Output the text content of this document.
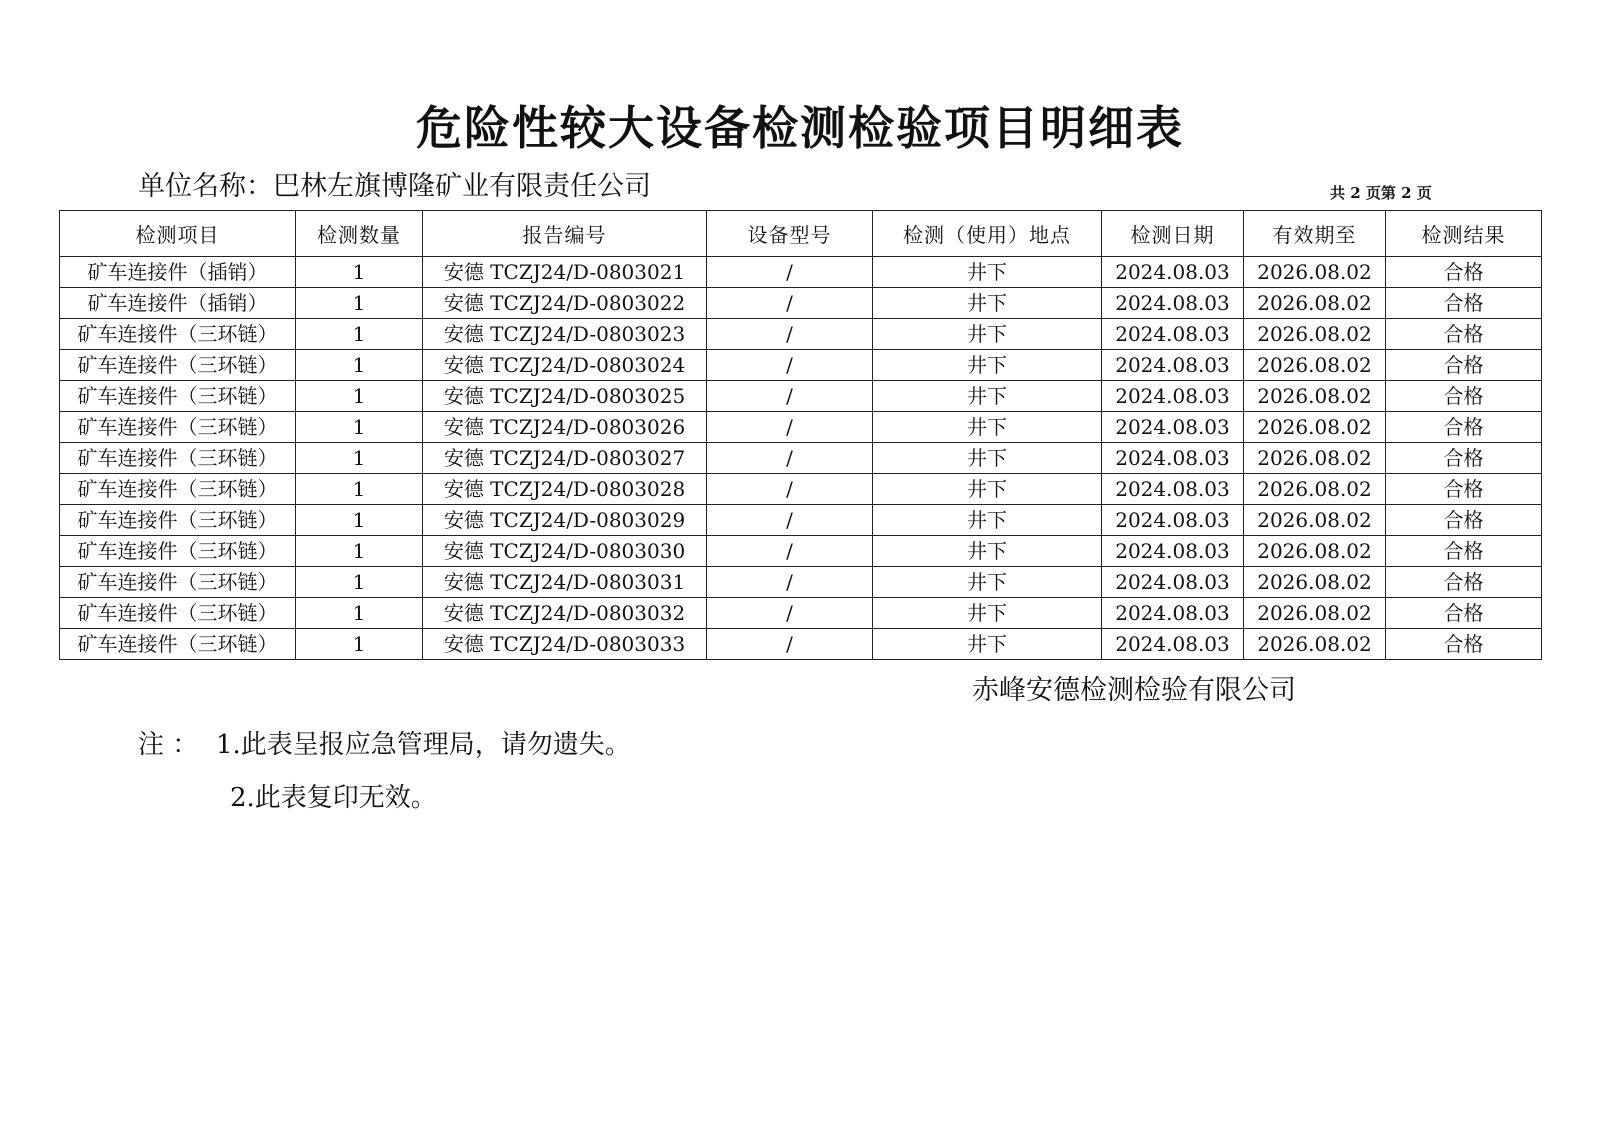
危险性较大设备检测检验项目明细表
单位名称：巴林左旗博隆矿业有限责任公司	共 2 页第 2 页
检测项目	检测数量	报告编号	设备型号	检测（使用）地点	检测日期	有效期至	检测结果
矿车连接件（插销）	1	安德 TCZJ24/D-0803021	/	井下	2024.08.03	2026.08.02	合格
矿车连接件（插销）	1	安德 TCZJ24/D-0803022	/	井下	2024.08.03	2026.08.02	合格
矿车连接件（三环链）	1	安德 TCZJ24/D-0803023	/	井下	2024.08.03	2026.08.02	合格
矿车连接件（三环链）	1	安德 TCZJ24/D-0803024	/	井下	2024.08.03	2026.08.02	合格
矿车连接件（三环链）	1	安德 TCZJ24/D-0803025	/	井下	2024.08.03	2026.08.02	合格
矿车连接件（三环链）	1	安德 TCZJ24/D-0803026	/	井下	2024.08.03	2026.08.02	合格
矿车连接件（三环链）	1	安德 TCZJ24/D-0803027	/	井下	2024.08.03	2026.08.02	合格
矿车连接件（三环链）	1	安德 TCZJ24/D-0803028	/	井下	2024.08.03	2026.08.02	合格
矿车连接件（三环链）	1	安德 TCZJ24/D-0803029	/	井下	2024.08.03	2026.08.02	合格
矿车连接件（三环链）	1	安德 TCZJ24/D-0803030	/	井下	2024.08.03	2026.08.02	合格
矿车连接件（三环链）	1	安德 TCZJ24/D-0803031	/	井下	2024.08.03	2026.08.02	合格
矿车连接件（三环链）	1	安德 TCZJ24/D-0803032	/	井下	2024.08.03	2026.08.02	合格
矿车连接件（三环链）	1	安德 TCZJ24/D-0803033	/	井下	2024.08.03	2026.08.02	合格
赤峰安德检测检验有限公司
注 ： 1.此表呈报应急管理局，请勿遗失。
2.此表复印无效。
